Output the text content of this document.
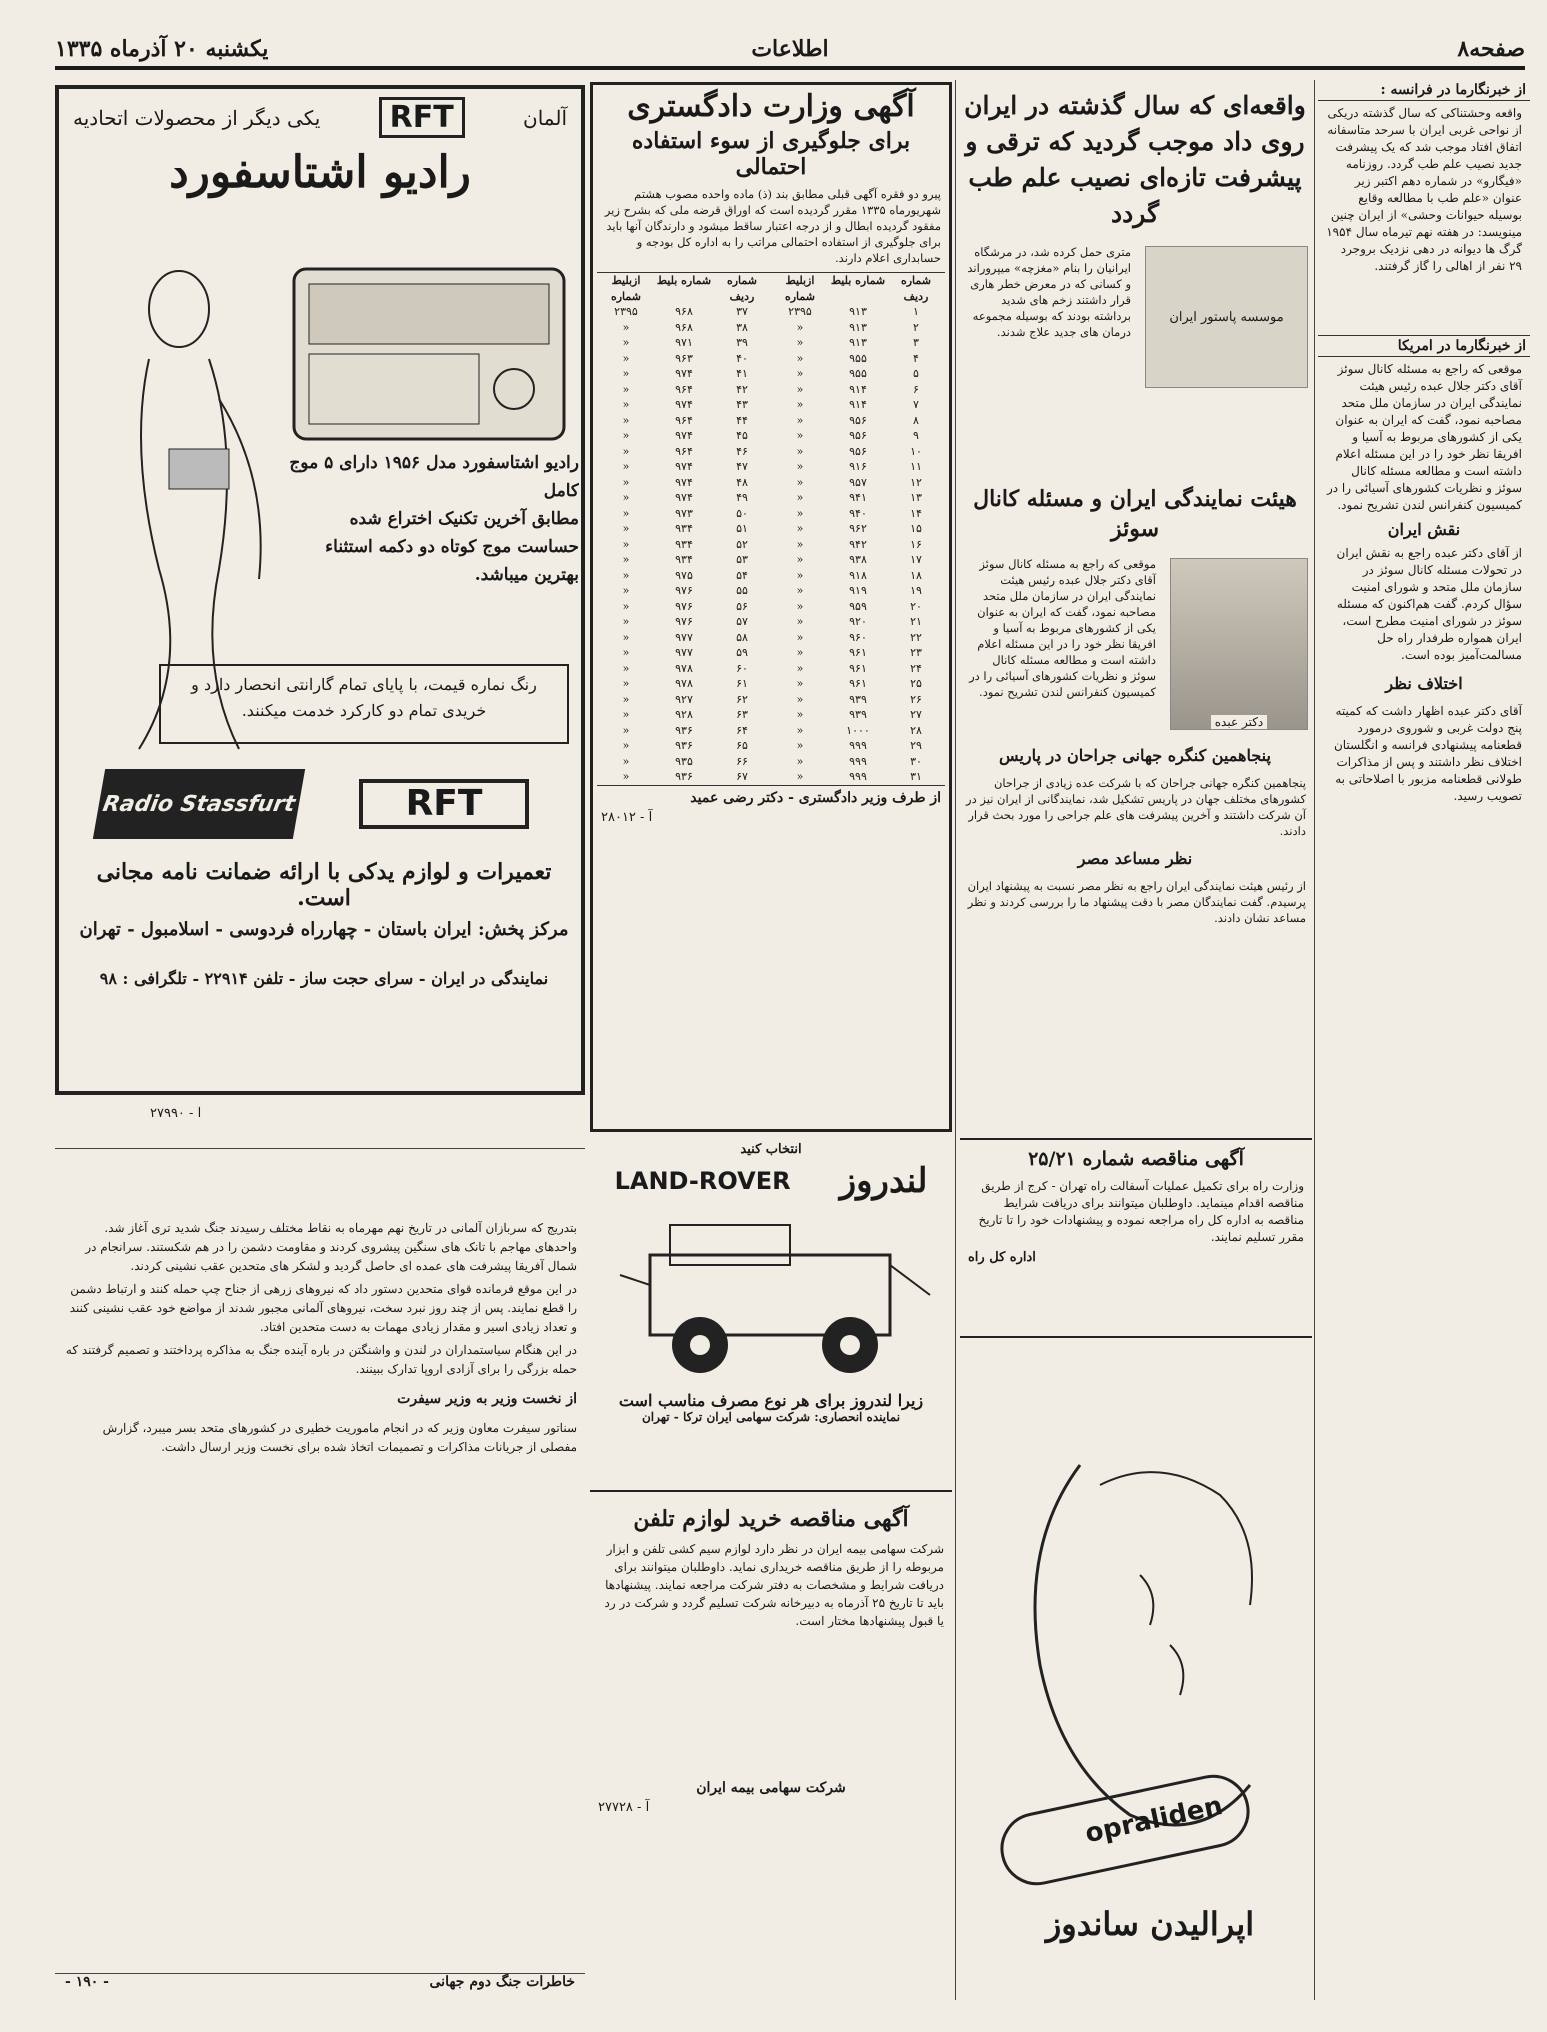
صفحه۸
اطلاعات
یکشنبه ۲۰ آذرماه ۱۳۳۵
از خبرنگارما در فرانسه :
واقعه وحشتناکی که سال گذشته دریکی از نواحی غربی ایران با سرحد متاسفانه اتفاق افتاد موجب شد که یک پیشرفت جدید نصیب علم طب گردد. روزنامه «فیگارو» در شماره دهم اکتبر زیر عنوان «علم طب با مطالعه وقایع بوسیله حیوانات وحشی» از ایران چنین مینویسد: در هفته نهم تیرماه سال ۱۹۵۴ گرگ ها دیوانه در دهی نزدیک بروجرد ۲۹ نفر از اهالی را گاز گرفتند.
از خبرنگارما در امریکا
موقعی که راجع به مسئله کانال سوئز آقای دکتر جلال عبده رئیس هیئت نمایندگی ایران در سازمان ملل متحد مصاحبه نمود، گفت که ایران به عنوان یکی از کشورهای مربوط به آسیا و افریقا نظر خود را در این مسئله اعلام داشته است و مطالعه مسئله کانال سوئز و نظریات کشورهای آسیائی را در کمیسیون کنفرانس لندن تشریح نمود.
نقش ایران
از آقای دکتر عبده راجع به نقش ایران در تحولات مسئله کانال سوئز در سازمان ملل متحد و شورای امنیت سؤال کردم. گفت هم‌اکنون که مسئله سوئز در شورای امنیت مطرح است، ایران همواره طرفدار راه حل مسالمت‌آمیز بوده است.
اختلاف نظر
آقای دکتر عبده اظهار داشت که کمیته پنج دولت غربی و شوروی درمورد قطعنامه پیشنهادی فرانسه و انگلستان اختلاف نظر داشتند و پس از مذاکرات طولانی قطعنامه مزبور با اصلاحاتی به تصویب رسید.
واقعه‌ای که سال گذشته در ایران روی داد موجب گردید که ترقی و پیشرفت تازه‌ای نصیب علم طب گردد
موسسه پاستور ایران
متری حمل کرده شد، در مرشگاه ایرانیان را بنام «مغزچه» میپروراند و کسانی که در معرض خطر هاری قرار داشتند زخم های شدید برداشته بودند که بوسیله مجموعه درمان های جدید علاج شدند.
هیئت نمایندگی ایران و مسئله کانال سوئز
دکتر عبده
موقعی که راجع به مسئله کانال سوئز آقای دکتر جلال عبده رئیس هیئت نمایندگی ایران در سازمان ملل متحد مصاحبه نمود، گفت که ایران به عنوان یکی از کشورهای مربوط به آسیا و افریقا نظر خود را در این مسئله اعلام داشته است و مطالعه مسئله کانال سوئز و نظریات کشورهای آسیائی را در کمیسیون کنفرانس لندن تشریح نمود.
پنجاهمین کنگره جهانی جراحان در پاریس
پنجاهمین کنگره جهانی جراحان که با شرکت عده زیادی از جراحان کشورهای مختلف جهان در پاریس تشکیل شد، نمایندگانی از ایران نیز در آن شرکت داشتند و آخرین پیشرفت های علم جراحی را مورد بحث قرار دادند.
نظر مساعد مصر
از رئیس هیئت نمایندگی ایران راجع به نظر مصر نسبت به پیشنهاد ایران پرسیدم. گفت نمایندگان مصر با دقت پیشنهاد ما را بررسی کردند و نظر مساعد نشان دادند.
آگهی مناقصه شماره ۲۵/۲۱
وزارت راه برای تکمیل عملیات آسفالت راه تهران - کرج از طریق مناقصه اقدام مینماید. داوطلبان میتوانند برای دریافت شرایط مناقصه به اداره کل راه مراجعه نموده و پیشنهادات خود را تا تاریخ مقرر تسلیم نمایند.
اداره کل راه
opraliden
اپرالیدن ساندوز
آگهی وزارت دادگستری
برای جلوگیری از سوء استفاده احتمالی
پیرو دو فقره آگهی قبلی مطابق بند (ذ) ماده واحده مصوب هشتم شهریورماه ۱۳۳۵ مقرر گردیده است که اوراق قرضه ملی که بشرح زیر مفقود گردیده ابطال و از درجه اعتبار ساقط میشود و دارندگان آنها باید برای جلوگیری از استفاده احتمالی مراتب را به اداره کل بودجه و حسابداری اعلام دارند.
شماره ردیف
شماره بلیط
ازبلیط شماره
شماره ردیف
شماره بلیط
ازبلیط شماره
۱
۹۱۳
۲۳۹۵
۳۷
۹۶۸
۲۳۹۵
۲
۹۱۳
«
۳۸
۹۶۸
«
۳
۹۱۳
«
۳۹
۹۷۱
«
۴
۹۵۵
«
۴۰
۹۶۳
«
۵
۹۵۵
«
۴۱
۹۷۴
«
۶
۹۱۴
«
۴۲
۹۶۴
«
۷
۹۱۴
«
۴۳
۹۷۴
«
۸
۹۵۶
«
۴۴
۹۶۴
«
۹
۹۵۶
«
۴۵
۹۷۴
«
۱۰
۹۵۶
«
۴۶
۹۶۴
«
۱۱
۹۱۶
«
۴۷
۹۷۴
«
۱۲
۹۵۷
«
۴۸
۹۷۴
«
۱۳
۹۴۱
«
۴۹
۹۷۴
«
۱۴
۹۴۰
«
۵۰
۹۷۳
«
۱۵
۹۶۲
«
۵۱
۹۳۴
«
۱۶
۹۴۲
«
۵۲
۹۳۴
«
۱۷
۹۳۸
«
۵۳
۹۳۴
«
۱۸
۹۱۸
«
۵۴
۹۷۵
«
۱۹
۹۱۹
«
۵۵
۹۷۶
«
۲۰
۹۵۹
«
۵۶
۹۷۶
«
۲۱
۹۲۰
«
۵۷
۹۷۶
«
۲۲
۹۶۰
«
۵۸
۹۷۷
«
۲۳
۹۶۱
«
۵۹
۹۷۷
«
۲۴
۹۶۱
«
۶۰
۹۷۸
«
۲۵
۹۶۱
«
۶۱
۹۷۸
«
۲۶
۹۳۹
«
۶۲
۹۲۷
«
۲۷
۹۳۹
«
۶۳
۹۲۸
«
۲۸
۱۰۰۰
«
۶۴
۹۳۶
«
۲۹
۹۹۹
«
۶۵
۹۳۶
«
۳۰
۹۹۹
«
۶۶
۹۳۵
«
۳۱
۹۹۹
«
۶۷
۹۳۶
«
از طرف وزیر دادگستری - دکتر رضی عمید
آ - ۲۸۰۱۲
انتخاب کنید
لندروز
LAND-ROVER
زیرا لندروز برای هر نوع مصرف مناسب است
نماینده انحصاری: شرکت سهامی ایران ترکا - تهران
آگهی مناقصه خرید لوازم تلفن
شرکت سهامی بیمه ایران در نظر دارد لوازم سیم کشی تلفن و ابزار مربوطه را از طریق مناقصه خریداری نماید. داوطلبان میتوانند برای دریافت شرایط و مشخصات به دفتر شرکت مراجعه نمایند. پیشنهادها باید تا تاریخ ۲۵ آذرماه به دبیرخانه شرکت تسلیم گردد و شرکت در رد یا قبول پیشنهادها مختار است.
شرکت سهامی بیمه ایران
آ - ۲۷۷۲۸
آلمان
RFT
یکی دیگر از محصولات اتحادیه
رادیو اشتاسفورد
رادیو اشتاسفورد مدل ۱۹۵۶ دارای ۵ موج کامل
مطابق آخرین تکنیک اختراع شده حساست موج کوتاه دو دکمه استثناء بهترین میباشد.
رنگ نماره قیمت، با پایای تمام گارانتی انحصار دارد و خریدی تمام دو کارکرد خدمت میکنند.
Radio Stassfurt	RFT
تعمیرات و لوازم یدکی با ارائه ضمانت نامه مجانی است.
مرکز پخش: ایران باستان - چهارراه فردوسی - اسلامبول - تهران
نمایندگی در ایران - سرای حجت ساز - تلفن ۲۲۹۱۴ - تلگرافی : ۹۸
آ - ۲۷۹۹۰
بتدریج که سربازان آلمانی در تاریخ نهم مهرماه به نقاط مختلف رسیدند جنگ شدید تری آغاز شد. واحدهای مهاجم با تانک های سنگین پیشروی کردند و مقاومت دشمن را در هم شکستند. سرانجام در شمال آفریقا پیشرفت های عمده ای حاصل گردید و لشکر های متحدین عقب نشینی کردند.
در این موقع فرمانده قوای متحدین دستور داد که نیروهای زرهی از جناح چپ حمله کنند و ارتباط دشمن را قطع نمایند. پس از چند روز نبرد سخت، نیروهای آلمانی مجبور شدند از مواضع خود عقب نشینی کنند و تعداد زیادی اسیر و مقدار زیادی مهمات به دست متحدین افتاد.
در این هنگام سیاستمداران در لندن و واشنگتن در باره آینده جنگ به مذاکره پرداختند و تصمیم گرفتند که حمله بزرگی را برای آزادی اروپا تدارک ببینند.
از نخست وزیر به وزیر سیفرت
سناتور سیفرت معاون وزیر که در انجام ماموریت خطیری در کشورهای متحد بسر میبرد، گزارش مفصلی از جریانات مذاکرات و تصمیمات اتخاذ شده برای نخست وزیر ارسال داشت.
خاطرات جنگ دوم جهانی
- ۱۹۰ -
